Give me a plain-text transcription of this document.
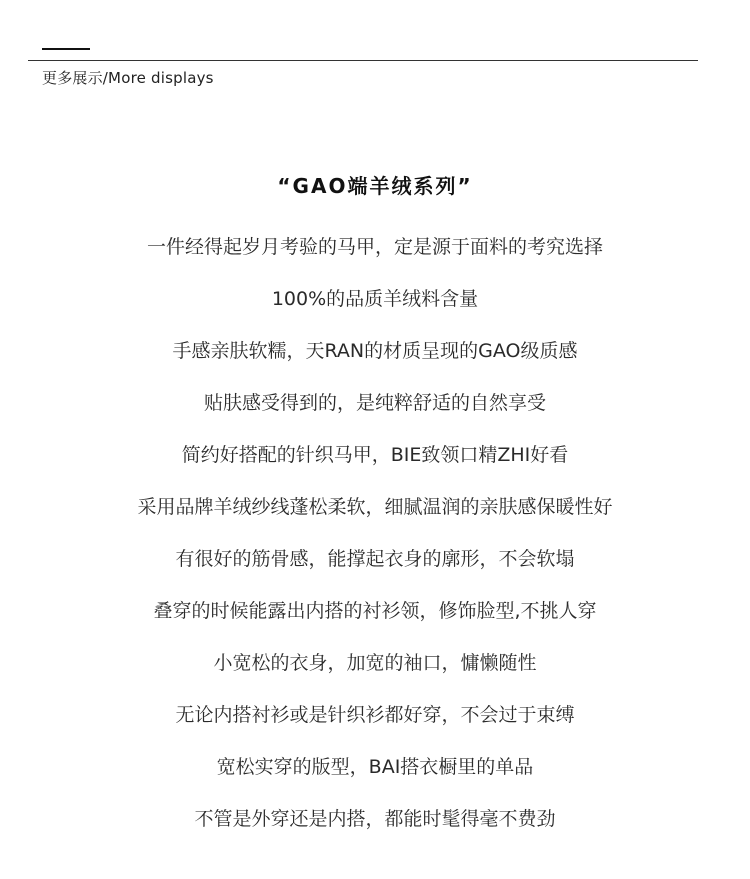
更多展示/More displays
“GAO端羊绒系列”
一件经得起岁月考验的马甲，定是源于面料的考究选择
100%的品质羊绒料含量
手感亲肤软糯，天RAN的材质呈现的GAO级质感
贴肤感受得到的，是纯粹舒适的自然享受
简约好搭配的针织马甲，BIE致领口精ZHI好看
采用品牌羊绒纱线蓬松柔软，细腻温润的亲肤感保暖性好
有很好的筋骨感，能撑起衣身的廓形，不会软塌
叠穿的时候能露出内搭的衬衫领，修饰脸型,不挑人穿
小宽松的衣身，加宽的袖口，慵懒随性
无论内搭衬衫或是针织衫都好穿，不会过于束缚
宽松实穿的版型，BAI搭衣橱里的单品
不管是外穿还是内搭，都能时髦得毫不费劲
